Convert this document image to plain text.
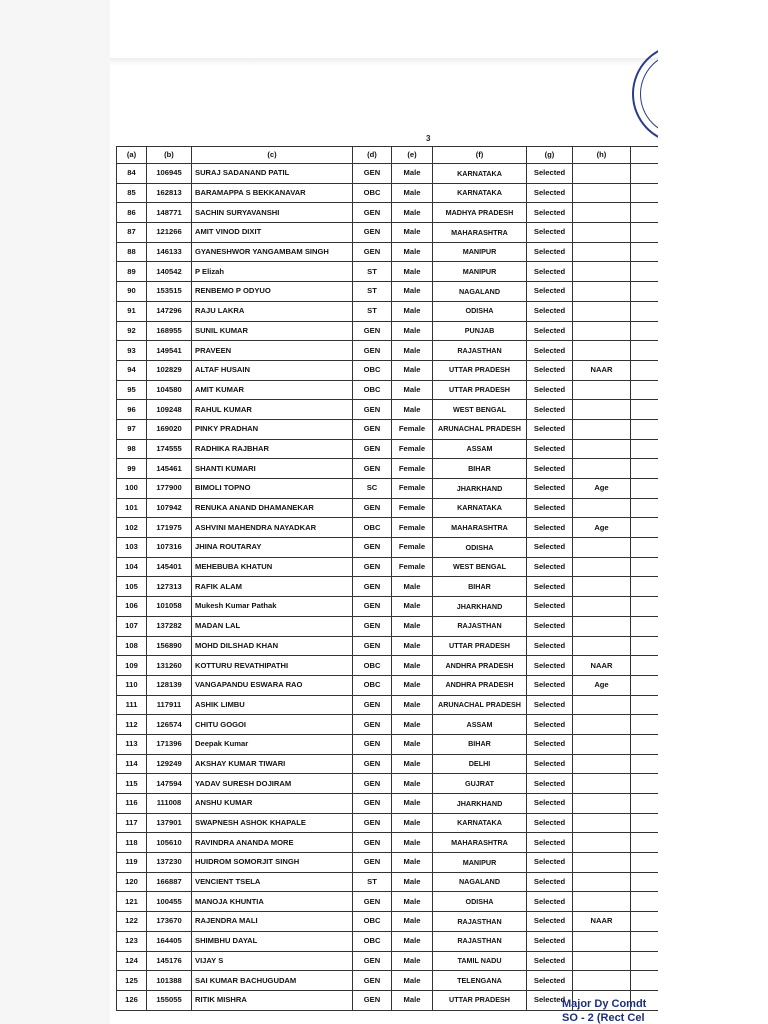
3
(a)	(b)	(c)	(d)	(e)	(f)	(g)	(h)	
84	106945	SURAJ SADANAND PATIL	GEN	Male	KARNATAKA	Selected		
85	162813	BARAMAPPA S BEKKANAVAR	OBC	Male	KARNATAKA	Selected		
86	148771	SACHIN SURYAVANSHI	GEN	Male	MADHYA PRADESH	Selected		
87	121266	AMIT VINOD DIXIT	GEN	Male	MAHARASHTRA	Selected		
88	146133	GYANESHWOR YANGAMBAM SINGH	GEN	Male	MANIPUR	Selected		
89	140542	P Elizah	ST	Male	MANIPUR	Selected		
90	153515	RENBEMO P ODYUO	ST	Male	NAGALAND	Selected		
91	147296	RAJU LAKRA	ST	Male	ODISHA	Selected		
92	168955	SUNIL KUMAR	GEN	Male	PUNJAB	Selected		
93	149541	PRAVEEN	GEN	Male	RAJASTHAN	Selected		
94	102829	ALTAF HUSAIN	OBC	Male	UTTAR PRADESH	Selected	NAAR	
95	104580	AMIT KUMAR	OBC	Male	UTTAR PRADESH	Selected		
96	109248	RAHUL KUMAR	GEN	Male	WEST BENGAL	Selected		
97	169020	PINKY PRADHAN	GEN	Female	ARUNACHAL PRADESH	Selected		
98	174555	RADHIKA RAJBHAR	GEN	Female	ASSAM	Selected		
99	145461	SHANTI KUMARI	GEN	Female	BIHAR	Selected		
100	177900	BIMOLI TOPNO	SC	Female	JHARKHAND	Selected	Age	
101	107942	RENUKA ANAND DHAMANEKAR	GEN	Female	KARNATAKA	Selected		
102	171975	ASHVINI MAHENDRA NAYADKAR	OBC	Female	MAHARASHTRA	Selected	Age	
103	107316	JHINA ROUTARAY	GEN	Female	ODISHA	Selected		
104	145401	MEHEBUBA KHATUN	GEN	Female	WEST BENGAL	Selected		
105	127313	RAFIK ALAM	GEN	Male	BIHAR	Selected		
106	101058	Mukesh Kumar Pathak	GEN	Male	JHARKHAND	Selected		
107	137282	MADAN LAL	GEN	Male	RAJASTHAN	Selected		
108	156890	MOHD DILSHAD KHAN	GEN	Male	UTTAR PRADESH	Selected		
109	131260	KOTTURU REVATHIPATHI	OBC	Male	ANDHRA PRADESH	Selected	NAAR	
110	128139	VANGAPANDU ESWARA RAO	OBC	Male	ANDHRA PRADESH	Selected	Age	
111	117911	ASHIK LIMBU	GEN	Male	ARUNACHAL PRADESH	Selected		
112	126574	CHITU GOGOI	GEN	Male	ASSAM	Selected		
113	171396	Deepak Kumar	GEN	Male	BIHAR	Selected		
114	129249	AKSHAY KUMAR TIWARI	GEN	Male	DELHI	Selected		
115	147594	YADAV SURESH DOJIRAM	GEN	Male	GUJRAT	Selected		
116	111008	ANSHU KUMAR	GEN	Male	JHARKHAND	Selected		
117	137901	SWAPNESH ASHOK KHAPALE	GEN	Male	KARNATAKA	Selected		
118	105610	RAVINDRA ANANDA MORE	GEN	Male	MAHARASHTRA	Selected		
119	137230	HUIDROM SOMORJIT SINGH	GEN	Male	MANIPUR	Selected		
120	166887	VENCIENT TSELA	ST	Male	NAGALAND	Selected		
121	100455	MANOJA KHUNTIA	GEN	Male	ODISHA	Selected		
122	173670	RAJENDRA MALI	OBC	Male	RAJASTHAN	Selected	NAAR	
123	164405	SHIMBHU DAYAL	OBC	Male	RAJASTHAN	Selected		
124	145176	VIJAY S	GEN	Male	TAMIL NADU	Selected		
125	101388	SAI KUMAR BACHUGUDAM	GEN	Male	TELENGANA	Selected		
126	155055	RITIK MISHRA	GEN	Male	UTTAR PRADESH	Selected		
Major Dy Comdt
SO - 2 (Rect Cel
